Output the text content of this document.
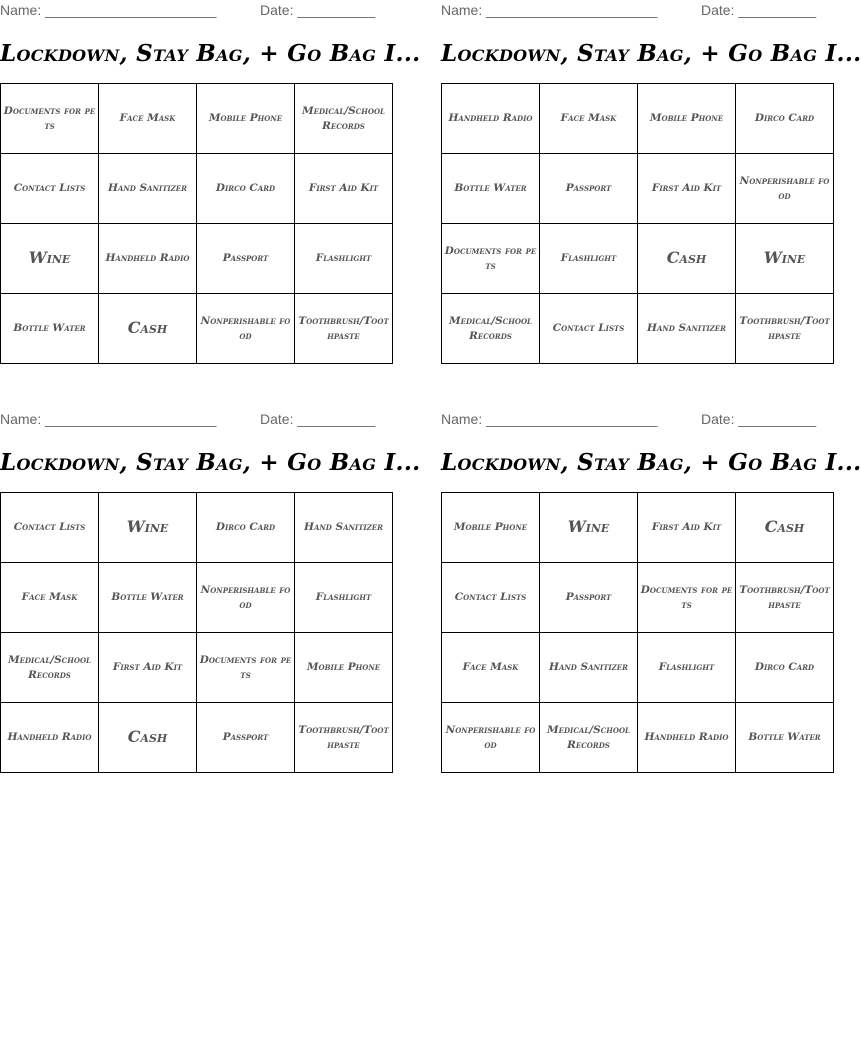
Name: ______________________	Date: __________
Lockdown, Stay Bag, + Go Bag I...
Documents for pets	Face Mask	Mobile Phone	Medical/School Records
Contact Lists	Hand Sanitizer	Dirco Card	First Aid Kit
Wine	Handheld Radio	Passport	Flashlight
Bottle Water	Cash	Nonperishable food	Toothbrush/Toothpaste
Name: ______________________	Date: __________
Lockdown, Stay Bag, + Go Bag I...
Handheld Radio	Face Mask	Mobile Phone	Dirco Card
Bottle Water	Passport	First Aid Kit	Nonperishable food
Documents for pets	Flashlight	Cash	Wine
Medical/School Records	Contact Lists	Hand Sanitizer	Toothbrush/Toothpaste
Name: ______________________	Date: __________
Lockdown, Stay Bag, + Go Bag I...
Contact Lists	Wine	Dirco Card	Hand Sanitizer
Face Mask	Bottle Water	Nonperishable food	Flashlight
Medical/School Records	First Aid Kit	Documents for pets	Mobile Phone
Handheld Radio	Cash	Passport	Toothbrush/Toothpaste
Name: ______________________	Date: __________
Lockdown, Stay Bag, + Go Bag I...
Mobile Phone	Wine	First Aid Kit	Cash
Contact Lists	Passport	Documents for pets	Toothbrush/Toothpaste
Face Mask	Hand Sanitizer	Flashlight	Dirco Card
Nonperishable food	Medical/School Records	Handheld Radio	Bottle Water
